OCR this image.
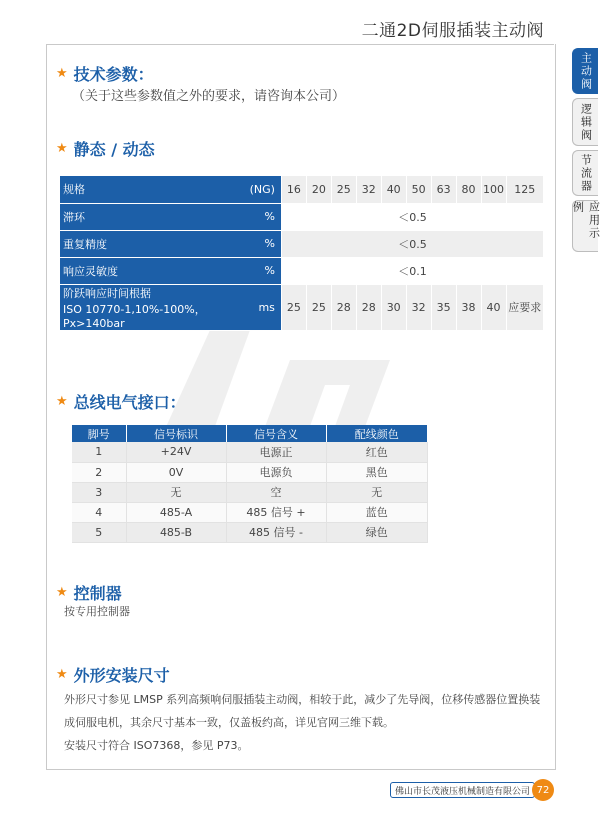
二通2D伺服插装主动阀
主动阀
逻辑阀
节流器
应用示例
★ 技术参数：
（关于这些参数值之外的要求，请咨询本公司）
★ 静态 / 动态
规格	(NG)	16	20	25	32	40	50	63	80	100	125
滞环	%	＜0.5									
重复精度	%	＜0.5									
响应灵敏度	%	＜0.1									

阶跃响应时间根据
ISO 10770-1,10%-100%，Px>140bar	ms	25	25	28	28	30	32	35	38	40	应要求
★ 总线电气接口：
脚号	信号标识	信号含义	配线颜色
1	+24V	电源正	红色
2	0V	电源负	黑色
3	无	空	无
4	485-A	485 信号 +	蓝色
5	485-B	485 信号 -	绿色
★ 控制器
按专用控制器
★ 外形安装尺寸
外形尺寸参见 LMSP 系列高频响伺服插装主动阀，相较于此，减少了先导阀，位移传感器位置换装成伺服电机，其余尺寸基本一致，仅盖板约高，详见官网三维下载。
安装尺寸符合 ISO7368，参见 P73。
佛山市长茂液压机械制造有限公司 72
